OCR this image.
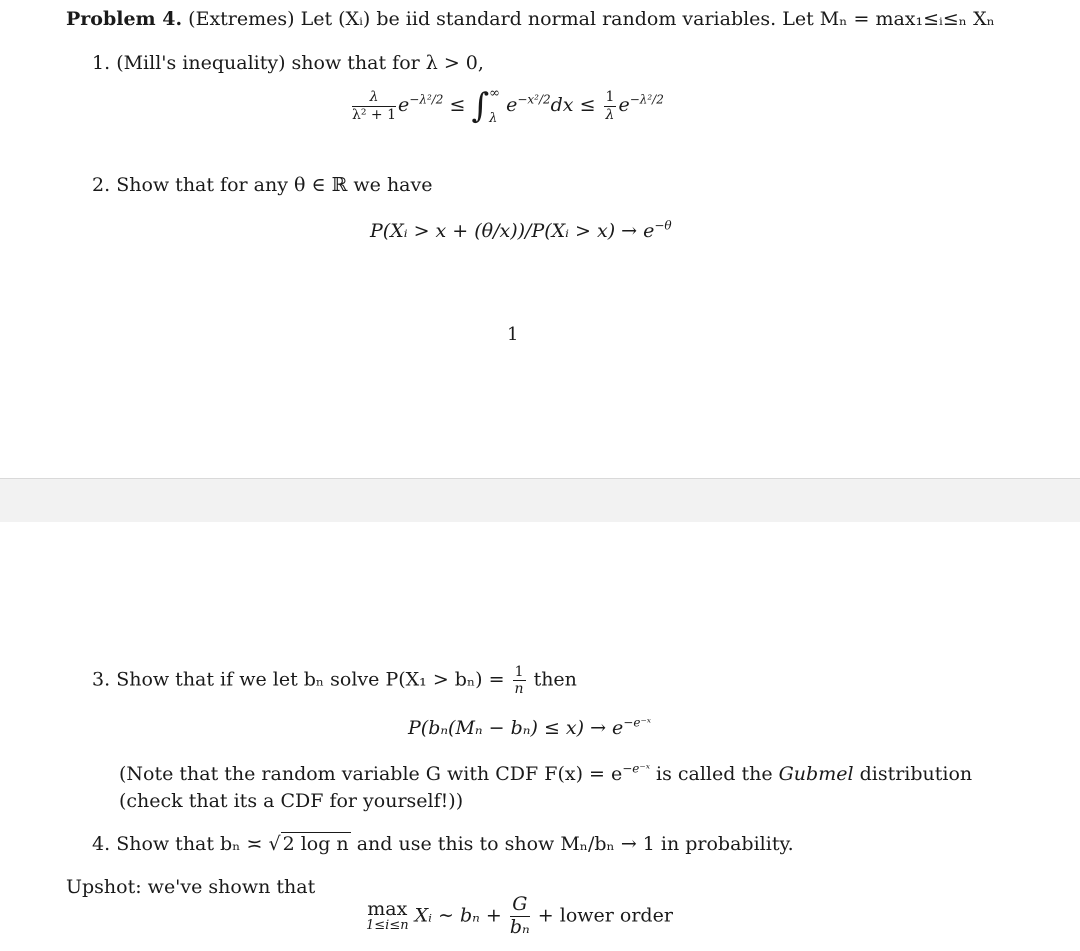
Problem 4. (Extremes) Let (Xᵢ) be iid standard normal random variables. Let Mₙ = max₁≤ᵢ≤ₙ Xₙ
1. (Mill's inequality) show that for λ > 0,
$\frac{\lambda}{\text{λ² + 1}} e^{-\lambda^2/2}$ ≤ ∫ ∞
λ
$e^{-x^2/2}dx \le \frac{1}{\lambda} e^{-\lambda^2/2}$
2. Show that for any θ ∈ ℝ we have
P(Xᵢ > x + (θ/x))/P(Xᵢ > $x) \to e^{-\theta}$
1
3. Show that if we let bₙ solve $P(X_1 > b_n) = \frac{1}{n}$ then
$P(b_n(M_n - b_n) \le x) \to e^{-e^-ˣ}$
(Note that the random variable G with CDF $F(x) = e^{-e^-ˣ}$ is called the Gubmel distribution
(check that its a CDF for yourself!))
4. Show that bₙ ≍ √ 2 log n and use this to show Mₙ/bₙ → 1 in probability.
Upshot: we've shown that
max
1≤i≤n Xᵢ ∼ $b_n + \frac{G}{\text{bₙ}}$ + lower order
